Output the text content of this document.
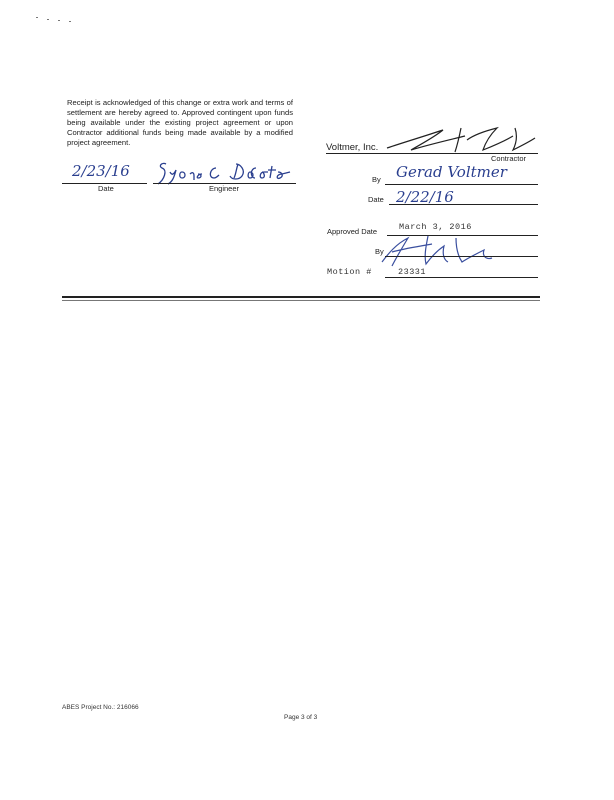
Receipt is acknowledged of this change or extra work and terms of settlement are hereby agreed to. Approved contingent upon funds being available under the existing project agreement or upon Contractor additional funds being made available by a modified project agreement.
2/23/16
Date	Engineer
Voltmer, Inc.
Contractor
By Gerad Voltmer
Date 2/22/16
Approved Date	March 3, 2016
By
Motion #	23331
ABES Project No.: 216066
Page 3 of 3
